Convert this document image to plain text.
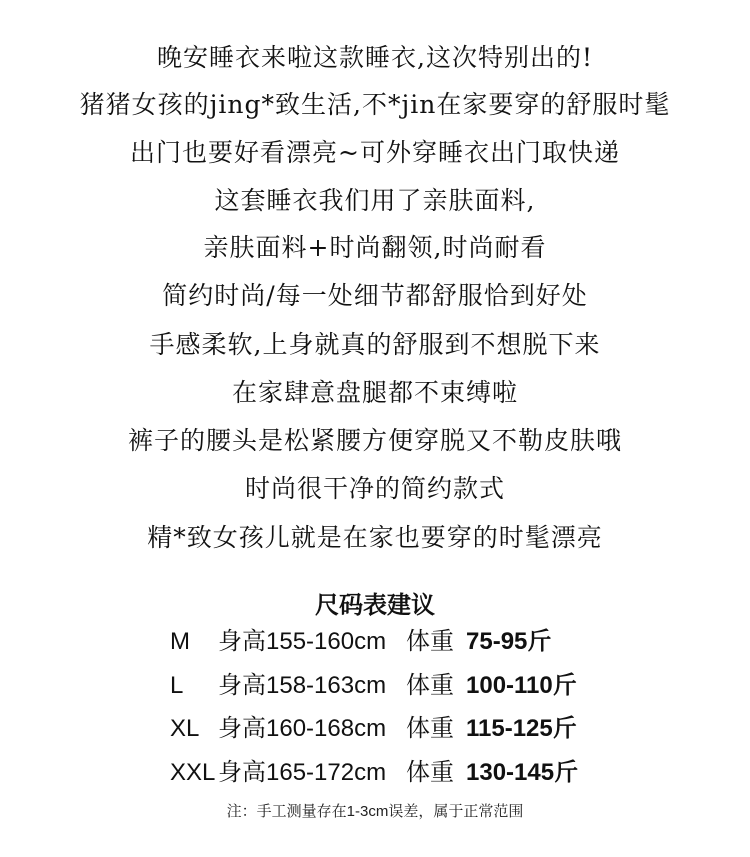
晚安睡衣来啦这款睡衣,这次特别出的!
猪猪女孩的jing*致生活,不*jin在家要穿的舒服时髦
出门也要好看漂亮~可外穿睡衣出门取快递
这套睡衣我们用了亲肤面料,
亲肤面料+时尚翻领,时尚耐看
简约时尚/每一处细节都舒服恰到好处
手感柔软,上身就真的舒服到不想脱下来
在家肆意盘腿都不束缚啦
裤子的腰头是松紧腰方便穿脱又不勒皮肤哦
时尚很干净的简约款式
精*致女孩儿就是在家也要穿的时髦漂亮
尺码表建议
M	身高155-160cm 体重 75-95斤
L	身高158-163cm 体重 100-110斤
XL 身高160-168cm 体重 115-125斤
XXL 身高165-172cm 体重 130-145斤
注：手工测量存在1-3cm误差，属于正常范围
